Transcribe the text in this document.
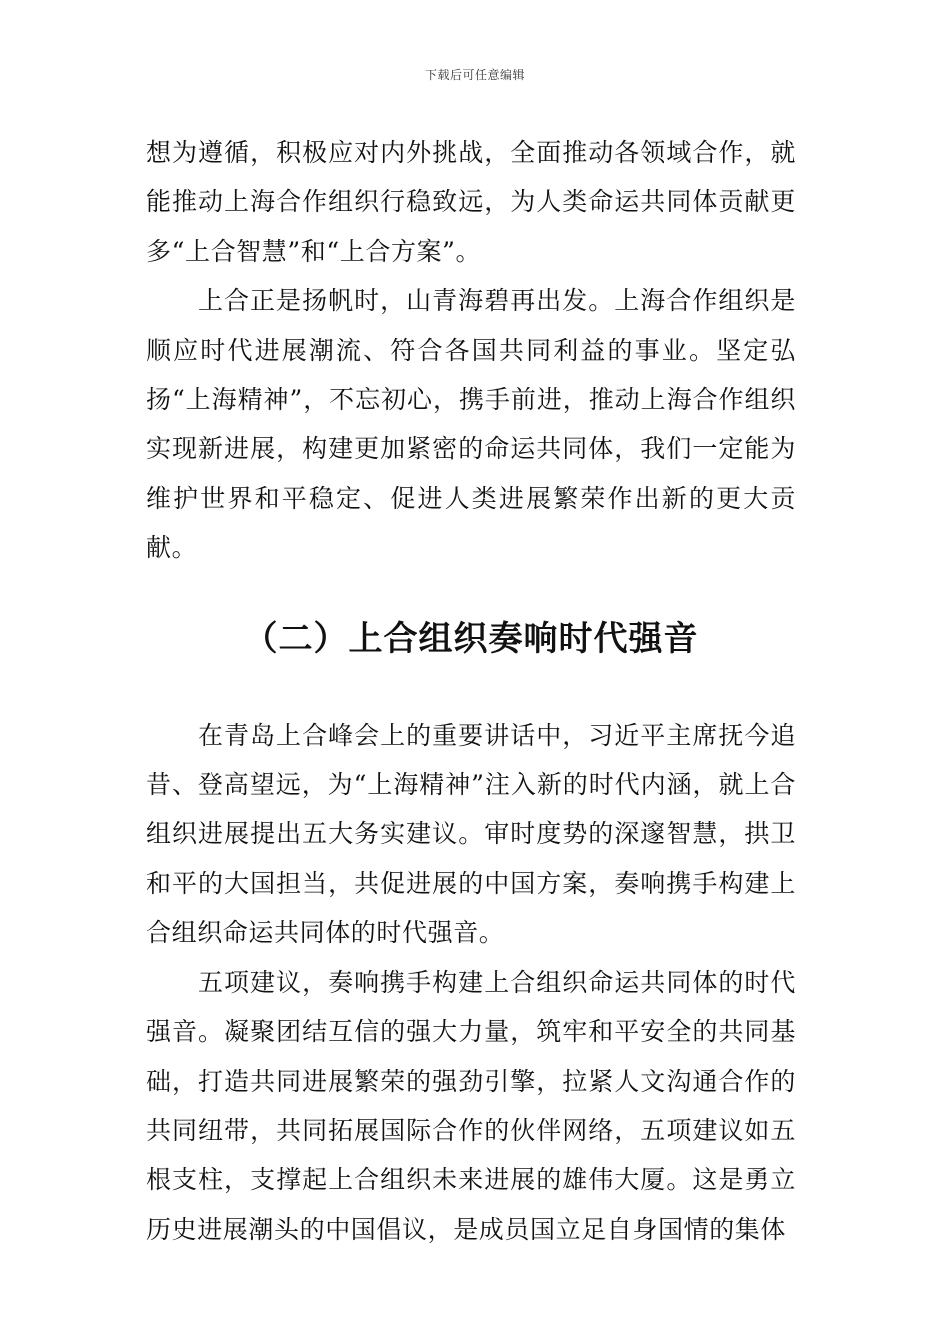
下载后可任意编辑

想为遵循，积极应对内外挑战，全面推动各领域合作，就能推动上海合作组织行稳致远，为人类命运共同体贡献更多“上合智慧”和“上合方案”。

上合正是扬帆时，山青海碧再出发。上海合作组织是顺应时代进展潮流、符合各国共同利益的事业。坚定弘扬“上海精神”，不忘初心，携手前进，推动上海合作组织实现新进展，构建更加紧密的命运共同体，我们一定能为维护世界和平稳定、促进人类进展繁荣作出新的更大贡献。

（二）上合组织奏响时代强音

在青岛上合峰会上的重要讲话中，习近平主席抚今追昔、登高望远，为“上海精神”注入新的时代内涵，就上合组织进展提出五大务实建议。审时度势的深邃智慧，拱卫和平的大国担当，共促进展的中国方案，奏响携手构建上合组织命运共同体的时代强音。

五项建议，奏响携手构建上合组织命运共同体的时代强音。凝聚团结互信的强大力量，筑牢和平安全的共同基础，打造共同进展繁荣的强劲引擎，拉紧人文沟通合作的共同纽带，共同拓展国际合作的伙伴网络，五项建议如五根支柱，支撑起上合组织未来进展的雄伟大厦。这是勇立历史进展潮头的中国倡议，是成员国立足自身国情的集体
